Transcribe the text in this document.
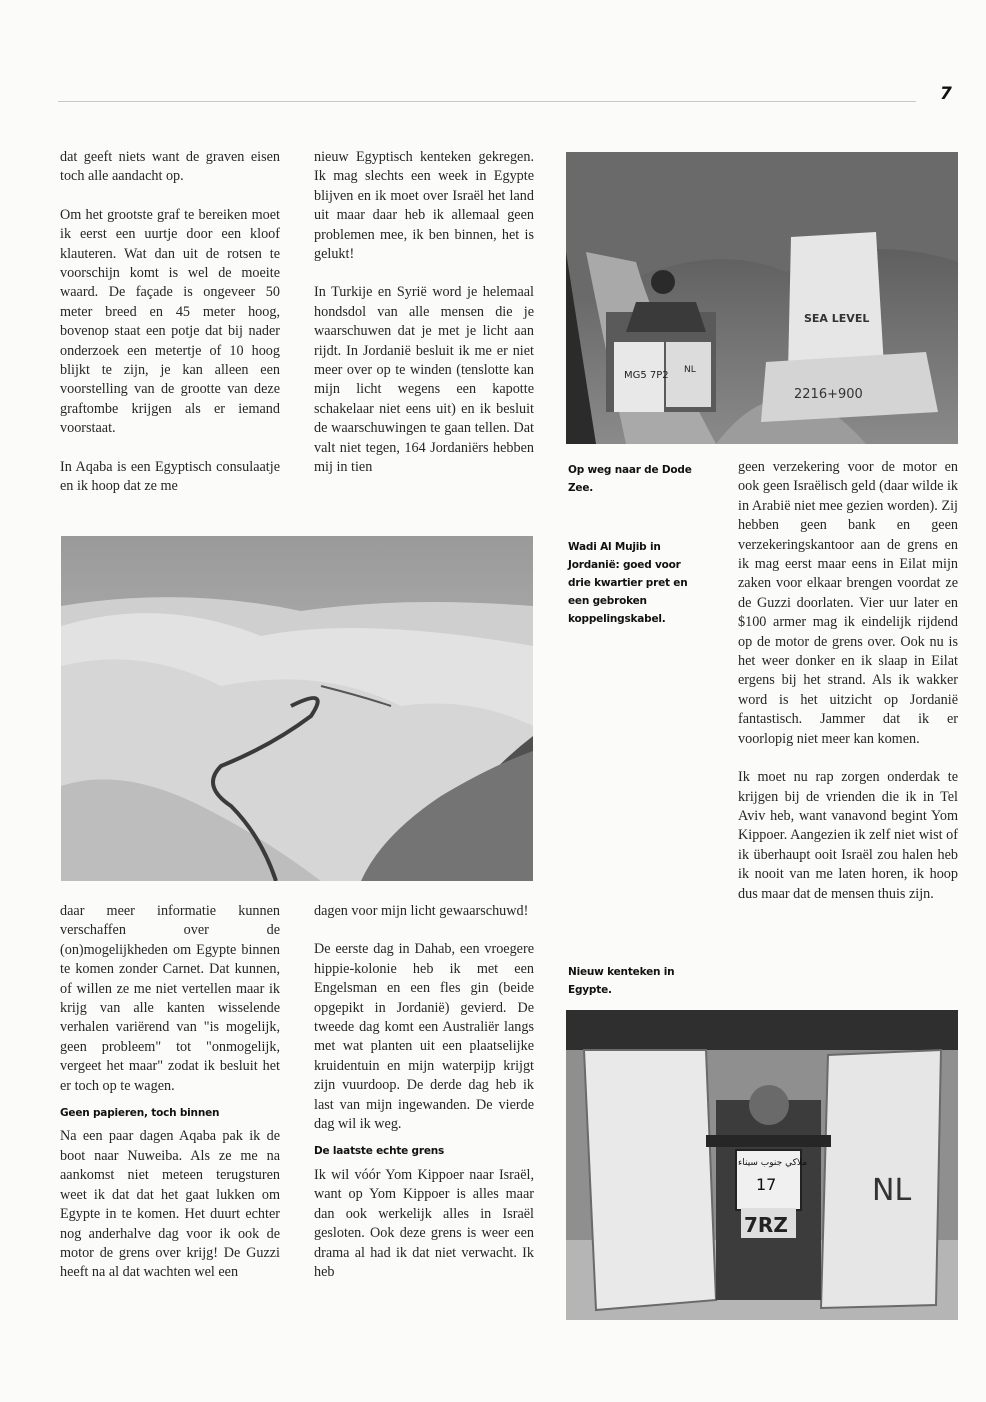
7

dat geeft niets want de graven eisen toch alle aandacht op.

Om het grootste graf te bereiken moet ik eerst een uurtje door een kloof klauteren. Wat dan uit de rotsen te voorschijn komt is wel de moeite waard. De façade is ongeveer 50 meter breed en 45 meter hoog, bovenop staat een potje dat bij nader onderzoek een metertje of 10 hoog blijkt te zijn, je kan alleen een voorstelling van de grootte van deze graftombe krijgen als er iemand voorstaat.

In Aqaba is een Egyptisch consulaatje en ik hoop dat ze me

nieuw Egyptisch kenteken gekregen. Ik mag slechts een week in Egypte blijven en ik moet over Israël het land uit maar daar heb ik allemaal geen problemen mee, ik ben binnen, het is gelukt!

In Turkije en Syrië word je helemaal hondsdol van alle mensen die je waarschuwen dat je met je licht aan rijdt. In Jordanië besluit ik me er niet meer over op te winden (tenslotte kan mijn licht wegens een kapotte schakelaar niet eens uit) en ik besluit de waarschuwingen te gaan tellen. Dat valt niet tegen, 164 Jordaniërs hebben mij in tien

MG5 7P2 NL
SEA LEVEL
2216+900
Op weg naar de Dode Zee.
Wadi Al Mujib in Jordanië: goed voor drie kwartier pret en een gebroken koppelingskabel.
Nieuw kenteken in Egypte.

geen verzekering voor de motor en ook geen Israëlisch geld (daar wilde ik in Arabië niet mee gezien worden). Zij hebben geen bank en geen verzekeringskantoor aan de grens en ik mag eerst maar eens in Eilat mijn zaken voor elkaar brengen voordat ze de Guzzi doorlaten. Vier uur later en $100 armer mag ik eindelijk rijdend op de motor de grens over. Ook nu is het weer donker en ik slaap in Eilat ergens bij het strand. Als ik wakker word is het uitzicht op Jordanië fantastisch. Jammer dat ik er voorlopig niet meer kan komen.

Ik moet nu rap zorgen onderdak te krijgen bij de vrienden die ik in Tel Aviv heb, want vanavond begint Yom Kippoer. Aangezien ik zelf niet wist of ik überhaupt ooit Israël zou halen heb ik nooit van me laten horen, ik hoop dus maar dat de mensen thuis zijn.

daar meer informatie kunnen verschaffen over de (on)mogelijkheden om Egypte binnen te komen zonder Carnet. Dat kunnen, of willen ze me niet vertellen maar ik krijg van alle kanten wisselende verhalen variërend van "is mogelijk, geen probleem" tot "onmogelijk, vergeet het maar" zodat ik besluit het er toch op te wagen.

Geen papieren, toch binnen

Na een paar dagen Aqaba pak ik de boot naar Nuweiba. Als ze me na aankomst niet meteen terugsturen weet ik dat dat het gaat lukken om Egypte in te komen. Het duurt echter nog anderhalve dag voor ik ook de motor de grens over krijg! De Guzzi heeft na al dat wachten wel een

dagen voor mijn licht gewaarschuwd!

De eerste dag in Dahab, een vroegere hippie-kolonie heb ik met een Engelsman en een fles gin (beide opgepikt in Jordanië) gevierd. De tweede dag komt een Australiër langs met wat planten uit een plaatselijke kruidentuin en mijn waterpijp krijgt zijn vuurdoop. De derde dag heb ik last van mijn ingewanden. De vierde dag wil ik weg.

De laatste echte grens

Ik wil vóór Yom Kippoer naar Israël, want op Yom Kippoer is alles maar dan ook werkelijk alles in Israël gesloten. Ook deze grens is weer een drama al had ik dat niet verwacht. Ik heb

ملاكي جنوب سيناء
17
7RZ
NL
